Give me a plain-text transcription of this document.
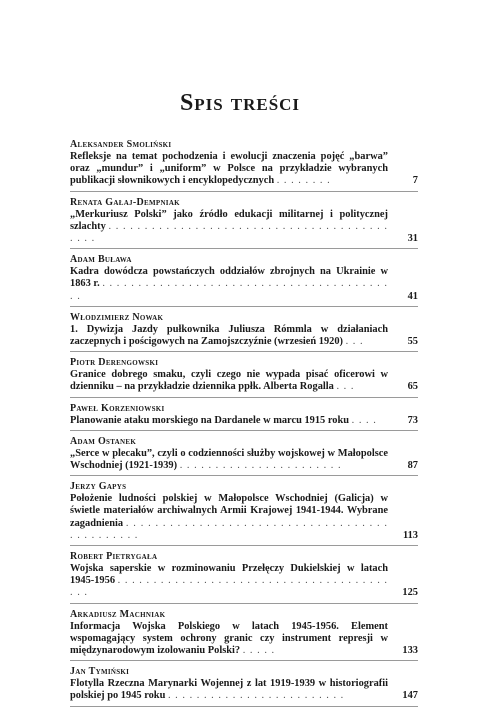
Spis treści
Aleksander Smoliński
Refleksje na temat pochodzenia i ewolucji znaczenia pojęć „barwa” oraz „mundur” i „uniform” w Polsce na przykładzie wybranych publikacji słownikowych i encyklopedycznych . . . . . . . .	7
Renata Gałaj-Dempniak
„Merkuriusz Polski” jako źródło edukacji militarnej i politycznej szlachty . . . . . . . . . . . . . . . . . . . . . . . . . . . . . . . . . . . . . . . . . . .	31
Adam Buława
Kadra dowódcza powstańczych oddziałów zbrojnych na Ukrainie w 1863 r. . . . . . . . . . . . . . . . . . . . . . . . . . . . . . . . . . . . . . . . . . .	41
Włodzimierz Nowak
1. Dywizja Jazdy pułkownika Juliusza Rómmla w działaniach zaczepnych i pościgowych na Zamojszczyźnie (wrzesień 1920) . . .	55
Piotr Derengowski
Granice dobrego smaku, czyli czego nie wypada pisać oficerowi w dzienniku – na przykładzie dziennika ppłk. Alberta Rogalla . . .	65
Paweł Korzeniowski
Planowanie ataku morskiego na Dardanele w marcu 1915 roku . . . .	73
Adam Ostanek
„Serce w plecaku”, czyli o codzienności służby wojskowej w Małopolsce Wschodniej (1921-1939) . . . . . . . . . . . . . . . . . . . . . . .	87
Jerzy Gapys
Położenie ludności polskiej w Małopolsce Wschodniej (Galicja) w świetle materiałów archiwalnych Armii Krajowej 1941-1944. Wybrane zagadnienia . . . . . . . . . . . . . . . . . . . . . . . . . . . . . . . . . . . . . . . . . . . . . .	113
Robert Pietrygała
Wojska saperskie w rozminowaniu Przełęczy Dukielskiej w latach 1945-1956 . . . . . . . . . . . . . . . . . . . . . . . . . . . . . . . . . . . . . . . . .	125
Arkadiusz Machniak
Informacja Wojska Polskiego w latach 1945-1956. Element wspomagający system ochrony granic czy instrument represji w międzynarodowym izolowaniu Polski? . . . . .	133
Jan Tymiński
Flotylla Rzeczna Marynarki Wojennej z lat 1919-1939 w historiografii polskiej po 1945 roku . . . . . . . . . . . . . . . . . . . . . . . . .	147
